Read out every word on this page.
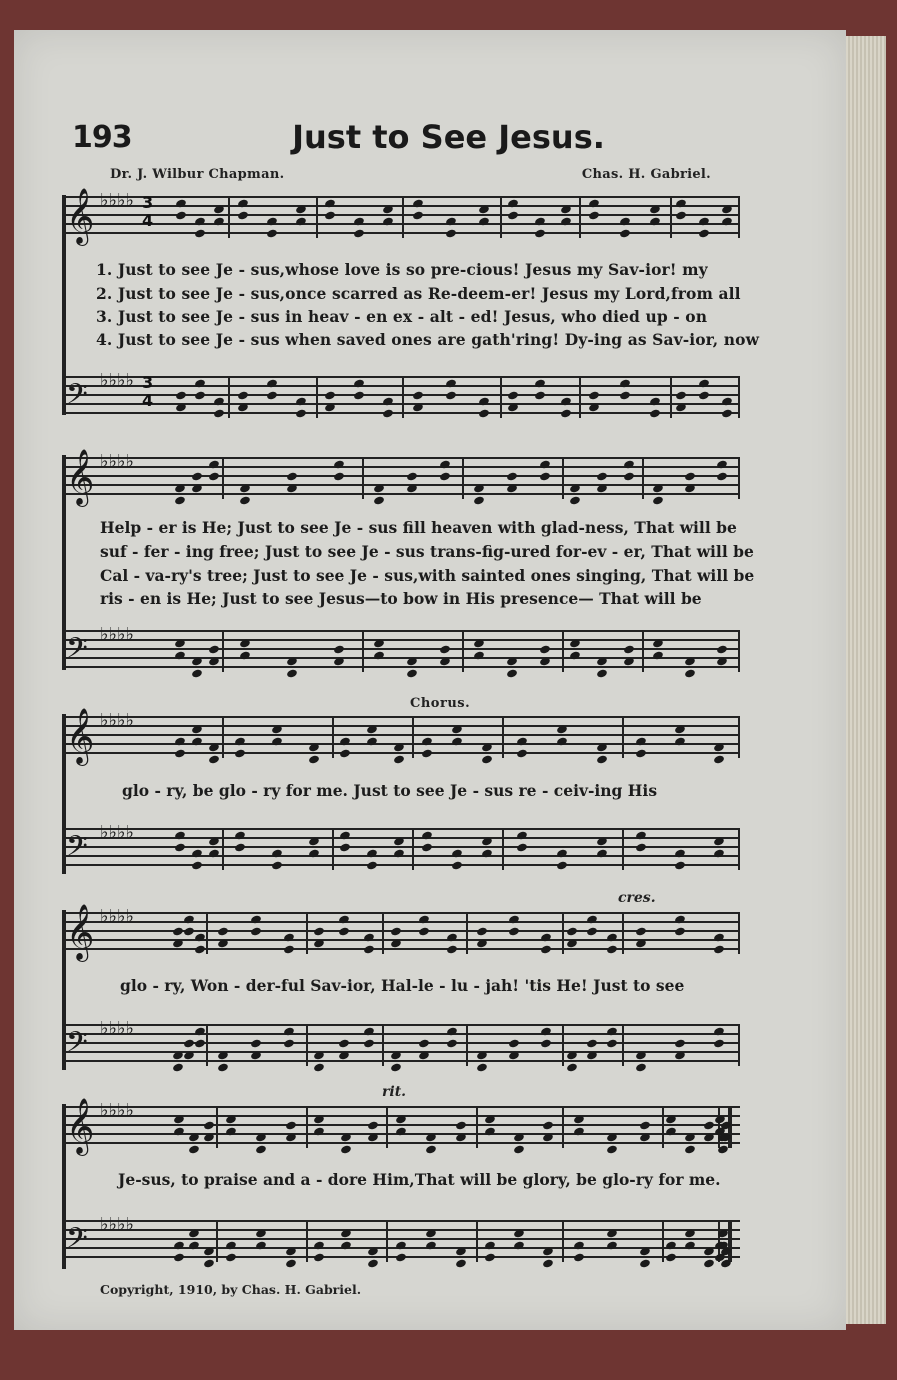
193	Just to See Jesus.
Dr. J. Wilbur Chapman.	Chas. H. Gabriel.
𝄞 ♭♭♭♭ 3
4
1. Just to see Je - sus,whose love is so pre-cious! Jesus my Sav-ior! my
2. Just to see Je - sus,once scarred as Re-deem-er! Jesus my Lord,from all
3. Just to see Je - sus in heav - en ex - alt - ed! Jesus, who died up - on
4. Just to see Je - sus when saved ones are gath'ring! Dy-ing as Sav-ior, now
𝄢 ♭♭♭♭ 3
4
𝄞 ♭♭♭♭
Help - er is He; Just to see Je - sus fill heaven with glad-ness, That will be
suf - fer - ing free; Just to see Je - sus trans-fig-ured for-ev - er, That will be
Cal - va-ry's tree; Just to see Je - sus,with sainted ones singing, That will be
ris - en is He; Just to see Jesus—to bow in His presence— That will be
𝄢 ♭♭♭♭
Chorus.
𝄞 ♭♭♭♭
glo - ry, be glo - ry for me. Just to see Je - sus re - ceiv-ing His
𝄢 ♭♭♭♭
cres.
𝄞 ♭♭♭♭
glo - ry, Won - der-ful Sav-ior, Hal-le - lu - jah! 'tis He! Just to see
𝄢 ♭♭♭♭
rit.
𝄞 ♭♭♭♭
Je-sus, to praise and a - dore Him,That will be glory, be glo-ry for me.
𝄢 ♭♭♭♭
Copyright, 1910, by Chas. H. Gabriel.
